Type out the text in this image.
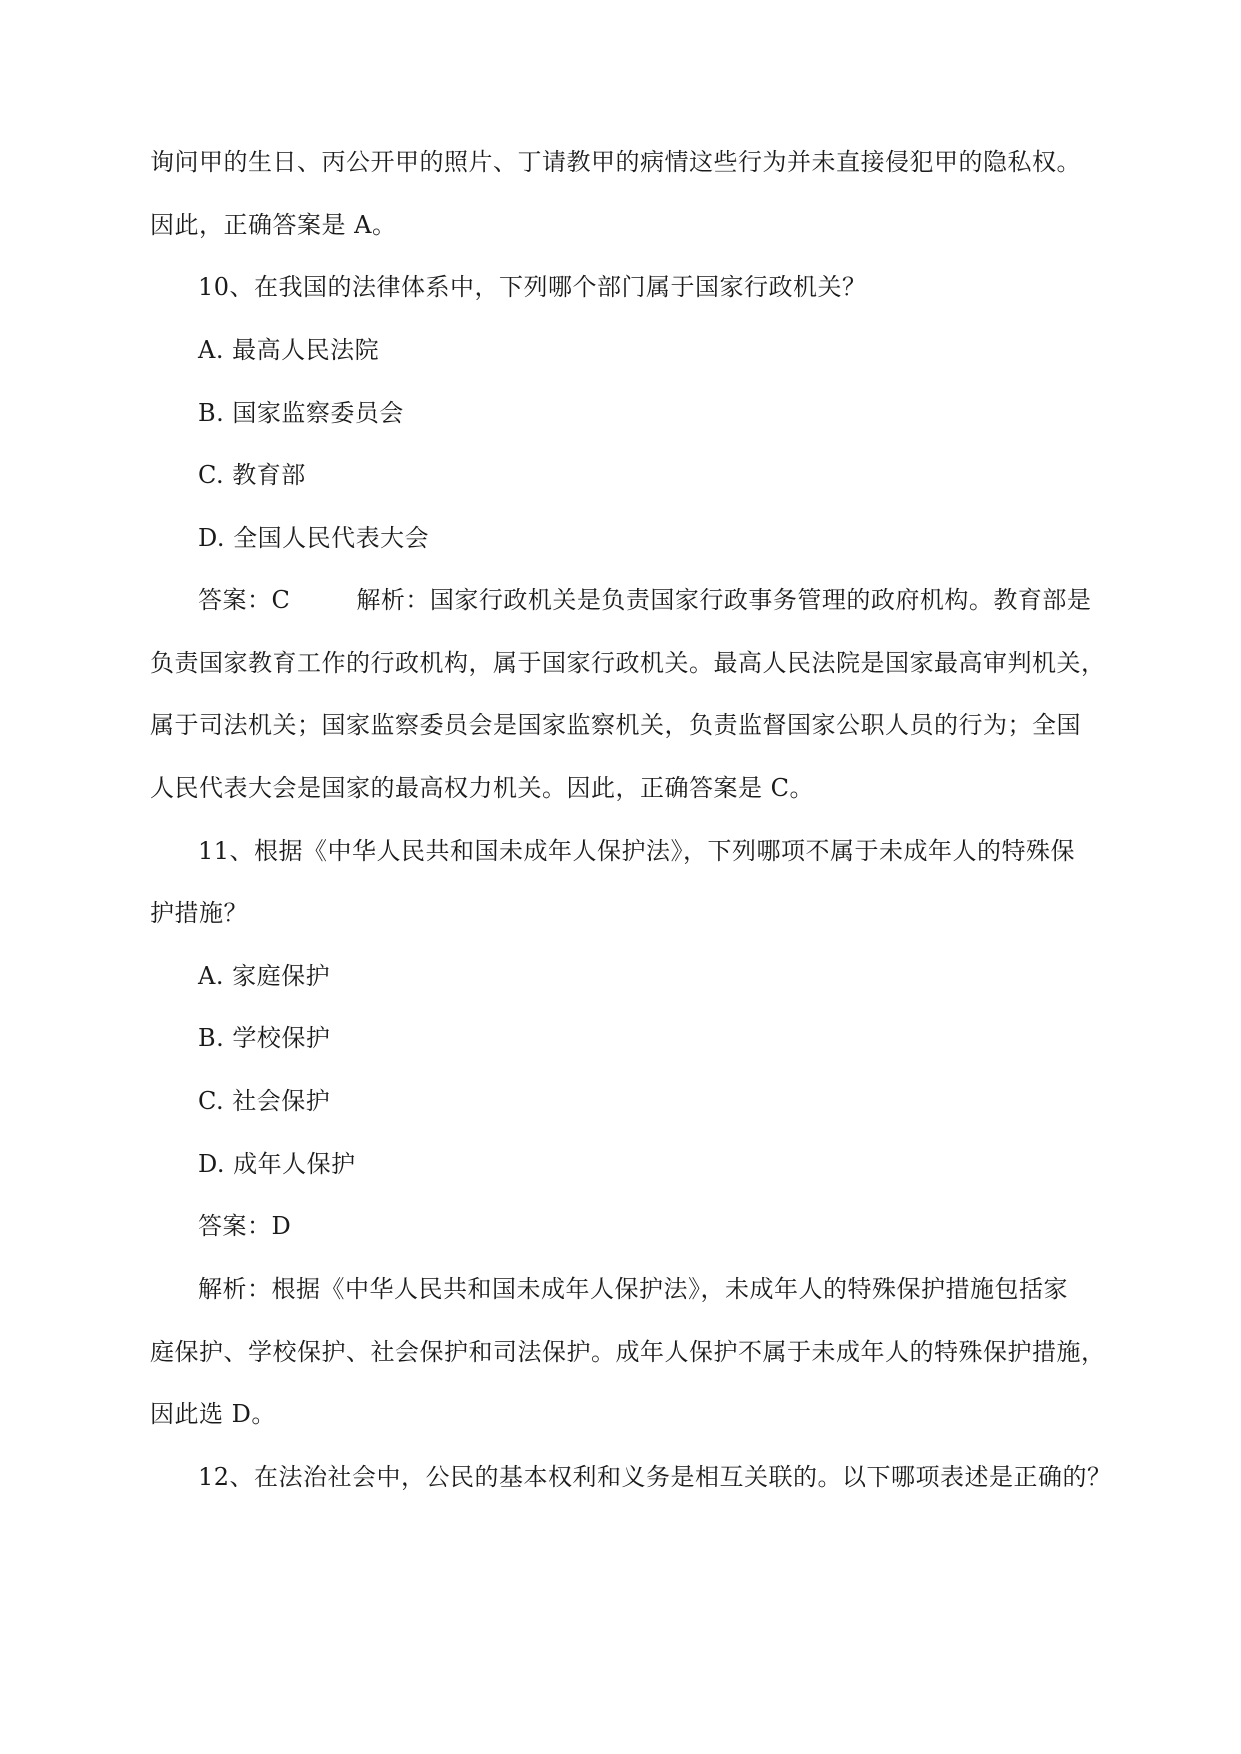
询问甲的生日、丙公开甲的照片、丁请教甲的病情这些行为并未直接侵犯甲的隐私权。
因此，正确答案是 A。
10、在我国的法律体系中，下列哪个部门属于国家行政机关？
A. 最高人民法院
B. 国家监察委员会
C. 教育部
D. 全国人民代表大会
答案：C	解析：国家行政机关是负责国家行政事务管理的政府机构。教育部是
负责国家教育工作的行政机构，属于国家行政机关。最高人民法院是国家最高审判机关，
属于司法机关；国家监察委员会是国家监察机关，负责监督国家公职人员的行为；全国
人民代表大会是国家的最高权力机关。因此，正确答案是 C。
11、根据《中华人民共和国未成年人保护法》，下列哪项不属于未成年人的特殊保
护措施？
A. 家庭保护
B. 学校保护
C. 社会保护
D. 成年人保护
答案：D
解析：根据《中华人民共和国未成年人保护法》，未成年人的特殊保护措施包括家
庭保护、学校保护、社会保护和司法保护。成年人保护不属于未成年人的特殊保护措施，
因此选 D。
12、在法治社会中，公民的基本权利和义务是相互关联的。以下哪项表述是正确的？
